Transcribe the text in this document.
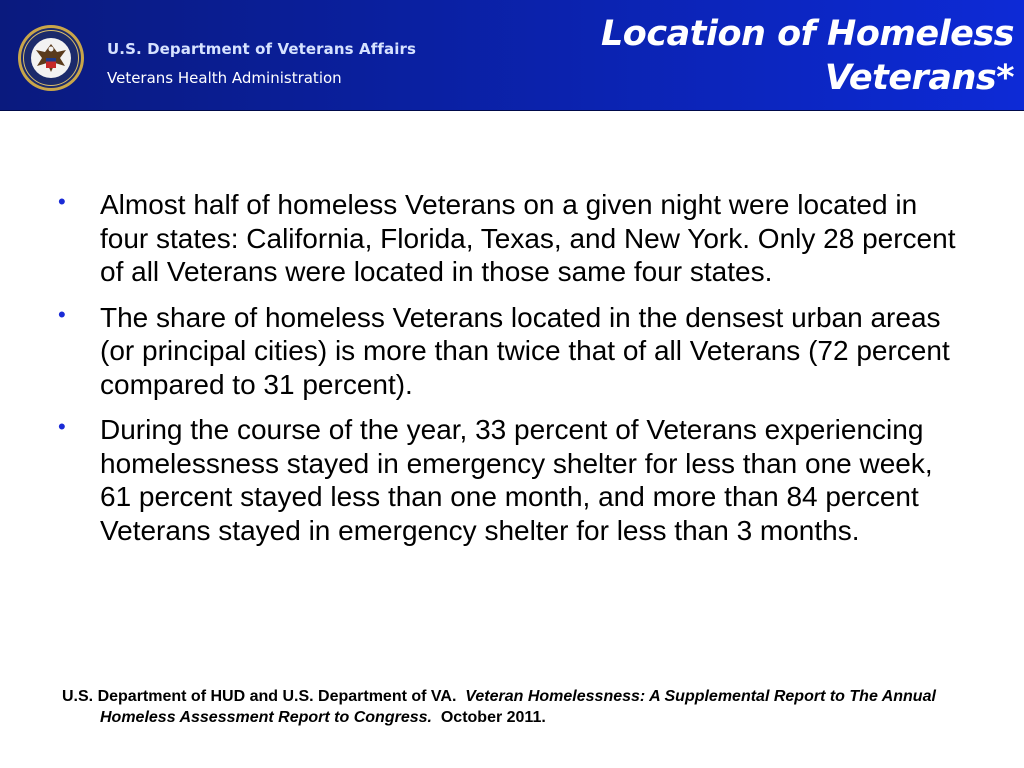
U.S. Department of Veterans Affairs
Veterans Health Administration
Location of Homeless Veterans*
• Almost half of homeless Veterans on a given night were located in four states: California, Florida, Texas, and New York. Only 28 percent of all Veterans were located in those same four states.
• The share of homeless Veterans located in the densest urban areas (or principal cities) is more than twice that of all Veterans (72 percent compared to 31 percent).
• During the course of the year, 33 percent of Veterans experiencing homelessness stayed in emergency shelter for less than one week, 61 percent stayed less than one month, and more than 84 percent Veterans stayed in emergency shelter for less than 3 months.
U.S. Department of HUD and U.S. Department of VA. Veteran Homelessness: A Supplemental Report to The Annual Homeless Assessment Report to Congress. October 2011.
